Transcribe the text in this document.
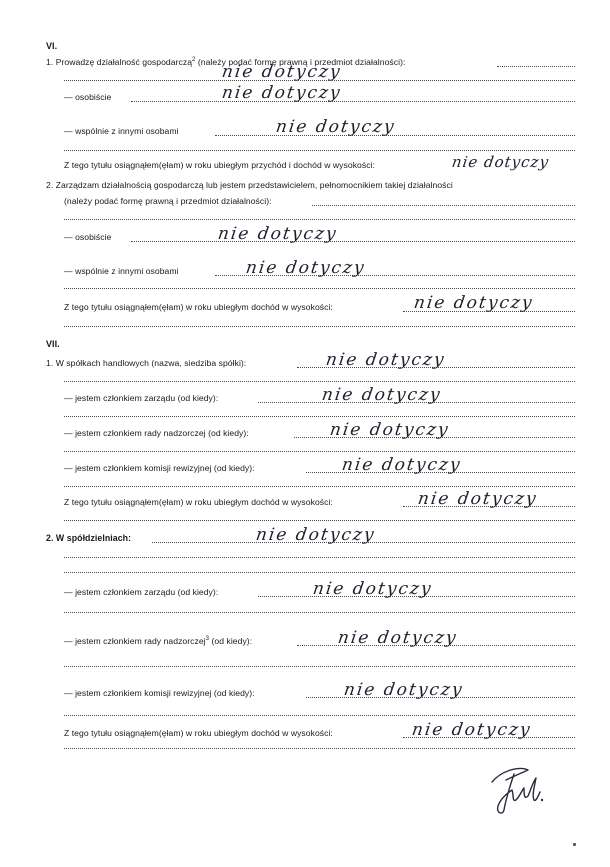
VI.
1. Prowadzę działalność gospodarczą$^2$ (należy podać formę prawną i przedmiot działalności):
nie dotyczy
— osobiście	nie dotyczy
— wspólnie z innymi osobami	nie dotyczy
Z tego tytułu osiągnąłem(ęłam) w roku ubiegłym przychód i dochód w wysokości:	nie dotyczy
2. Zarządzam działalnością gospodarczą lub jestem przedstawicielem, pełnomocnikiem takiej działalności
(należy podać formę prawną i przedmiot działalności):
— osobiście	nie dotyczy
— wspólnie z innymi osobami	nie dotyczy
Z tego tytułu osiągnąłem(ęłam) w roku ubiegłym dochód w wysokości:	nie dotyczy
VII.
1. W spółkach handlowych (nazwa, siedziba spółki):	nie dotyczy
— jestem członkiem zarządu (od kiedy):	nie dotyczy
— jestem członkiem rady nadzorczej (od kiedy):	nie dotyczy
— jestem członkiem komisji rewizyjnej (od kiedy):	nie dotyczy
Z tego tytułu osiągnąłem(ęłam) w roku ubiegłym dochód w wysokości:	nie dotyczy
2. W spółdzielniach:	nie dotyczy
— jestem członkiem zarządu (od kiedy):	nie dotyczy
— jestem członkiem rady nadzorczej$^3$ (od kiedy):	nie dotyczy
— jestem członkiem komisji rewizyjnej (od kiedy):	nie dotyczy
Z tego tytułu osiągnąłem(ęłam) w roku ubiegłym dochód w wysokości:	nie dotyczy
